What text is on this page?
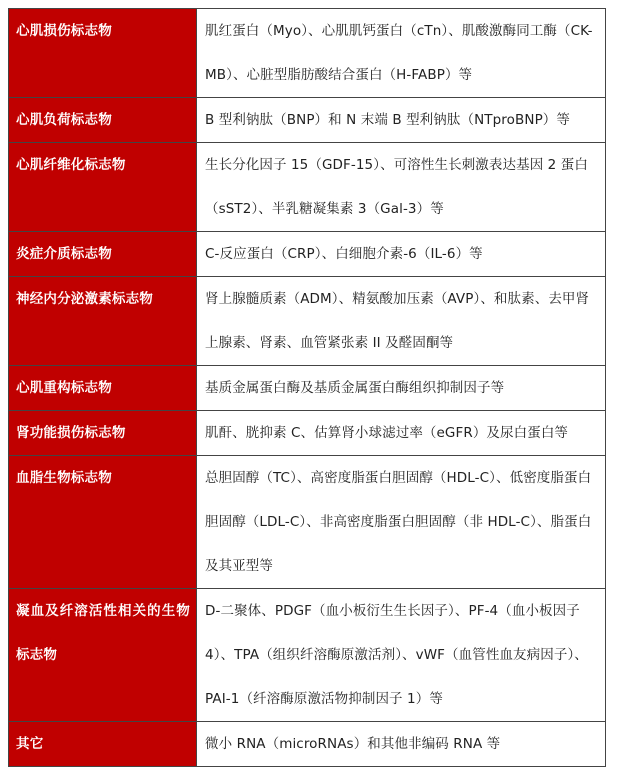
心肌损伤标志物	肌红蛋白（Myo）、心肌肌钙蛋白（cTn）、肌酸激酶同工酶（CK-MB）、心脏型脂肪酸结合蛋白（H-FABP）等
心肌负荷标志物	B 型利钠肽（BNP）和 N 末端 B 型利钠肽（NTproBNP）等
心肌纤维化标志物	生长分化因子 15（GDF-15）、可溶性生长刺激表达基因 2 蛋白（sST2）、半乳糖凝集素 3（Gal-3）等
炎症介质标志物	C-反应蛋白（CRP）、白细胞介素-6（IL-6）等
神经内分泌激素标志物	肾上腺髓质素（ADM）、精氨酸加压素（AVP）、和肽素、去甲肾上腺素、肾素、血管紧张素 II 及醛固酮等
心肌重构标志物	基质金属蛋白酶及基质金属蛋白酶组织抑制因子等
肾功能损伤标志物	肌酐、胱抑素 C、估算肾小球滤过率（eGFR）及尿白蛋白等
血脂生物标志物	总胆固醇（TC）、高密度脂蛋白胆固醇（HDL-C）、低密度脂蛋白胆固醇（LDL-C）、非高密度脂蛋白胆固醇（非 HDL-C）、脂蛋白及其亚型等
凝血及纤溶活性相关的生物标志物	D-二聚体、PDGF（血小板衍生生长因子）、PF-4（血小板因子 4）、TPA（组织纤溶酶原激活剂）、vWF（血管性血友病因子）、PAI-1（纤溶酶原激活物抑制因子 1）等
其它	微小 RNA（microRNAs）和其他非编码 RNA 等
